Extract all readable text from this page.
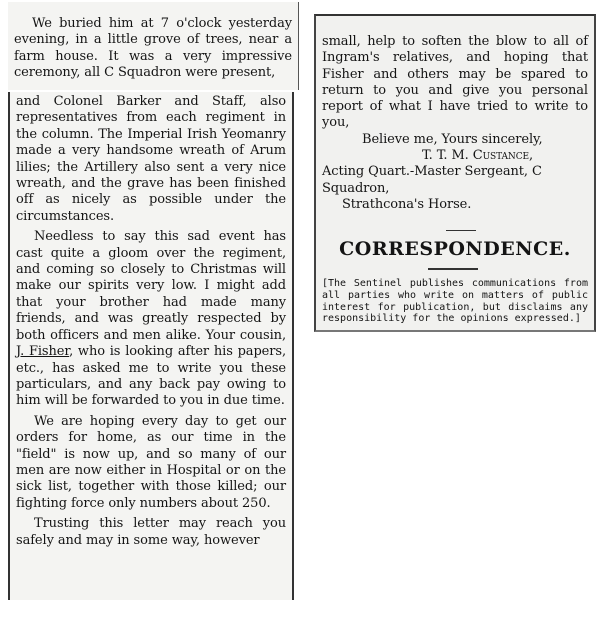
We buried him at 7 o'clock yesterday evening, in a little grove of trees, near a farm house. It was a very impressive ceremony, all C Squadron were present,

and Colonel Barker and Staff, also representatives from each regiment in the column. The Imperial Irish Yeomanry made a very handsome wreath of Arum lilies; the Artillery also sent a very nice wreath, and the grave has been finished off as nicely as possible under the circumstances.

Needless to say this sad event has cast quite a gloom over the regiment, and coming so closely to Christmas will make our spirits very low. I might add that your brother had made many friends, and was greatly respected by both officers and men alike. Your cousin, J. Fisher, who is looking after his papers, etc., has asked me to write you these particulars, and any back pay owing to him will be forwarded to you in due time.

We are hoping every day to get our orders for home, as our time in the "field" is now up, and so many of our men are now either in Hospital or on the sick list, together with those killed; our fighting force only numbers about 250.

Trusting this letter may reach you safely and may in some way, however

small, help to soften the blow to all of Ingram's relatives, and hoping that Fisher and others may be spared to return to you and give you personal report of what I have tried to write to you,

Believe me, Yours sincerely,
T. T. M. Custance,
Acting Quart.-Master Sergeant, C Squadron,
Strathcona's Horse.
CORRESPONDENCE.
[The Sentinel publishes communications from all parties who write on matters of public interest for publication, but disclaims any responsibility for the opinions expressed.]
